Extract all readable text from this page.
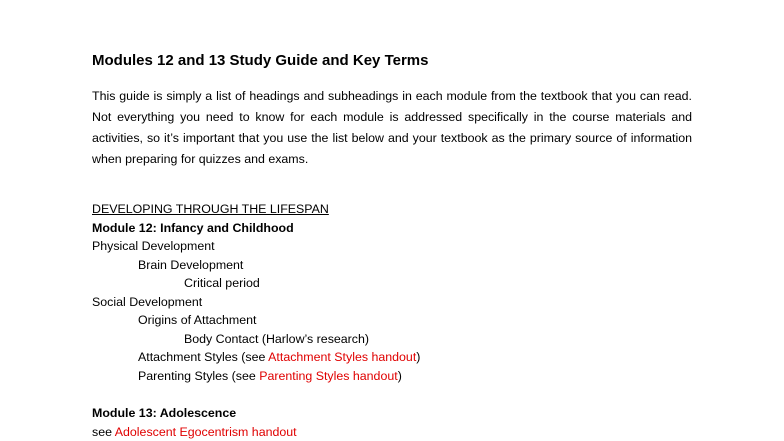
Modules 12 and 13 Study Guide and Key Terms
This guide is simply a list of headings and subheadings in each module from the textbook that you can read. Not everything you need to know for each module is addressed specifically in the course materials and activities, so it’s important that you use the list below and your textbook as the primary source of information when preparing for quizzes and exams.
DEVELOPING THROUGH THE LIFESPAN
Module 12: Infancy and Childhood
Physical Development
Brain Development
Critical period
Social Development
Origins of Attachment
Body Contact (Harlow’s research)
Attachment Styles (see Attachment Styles handout)
Parenting Styles (see Parenting Styles handout)
Module 13: Adolescence
see Adolescent Egocentrism handout
